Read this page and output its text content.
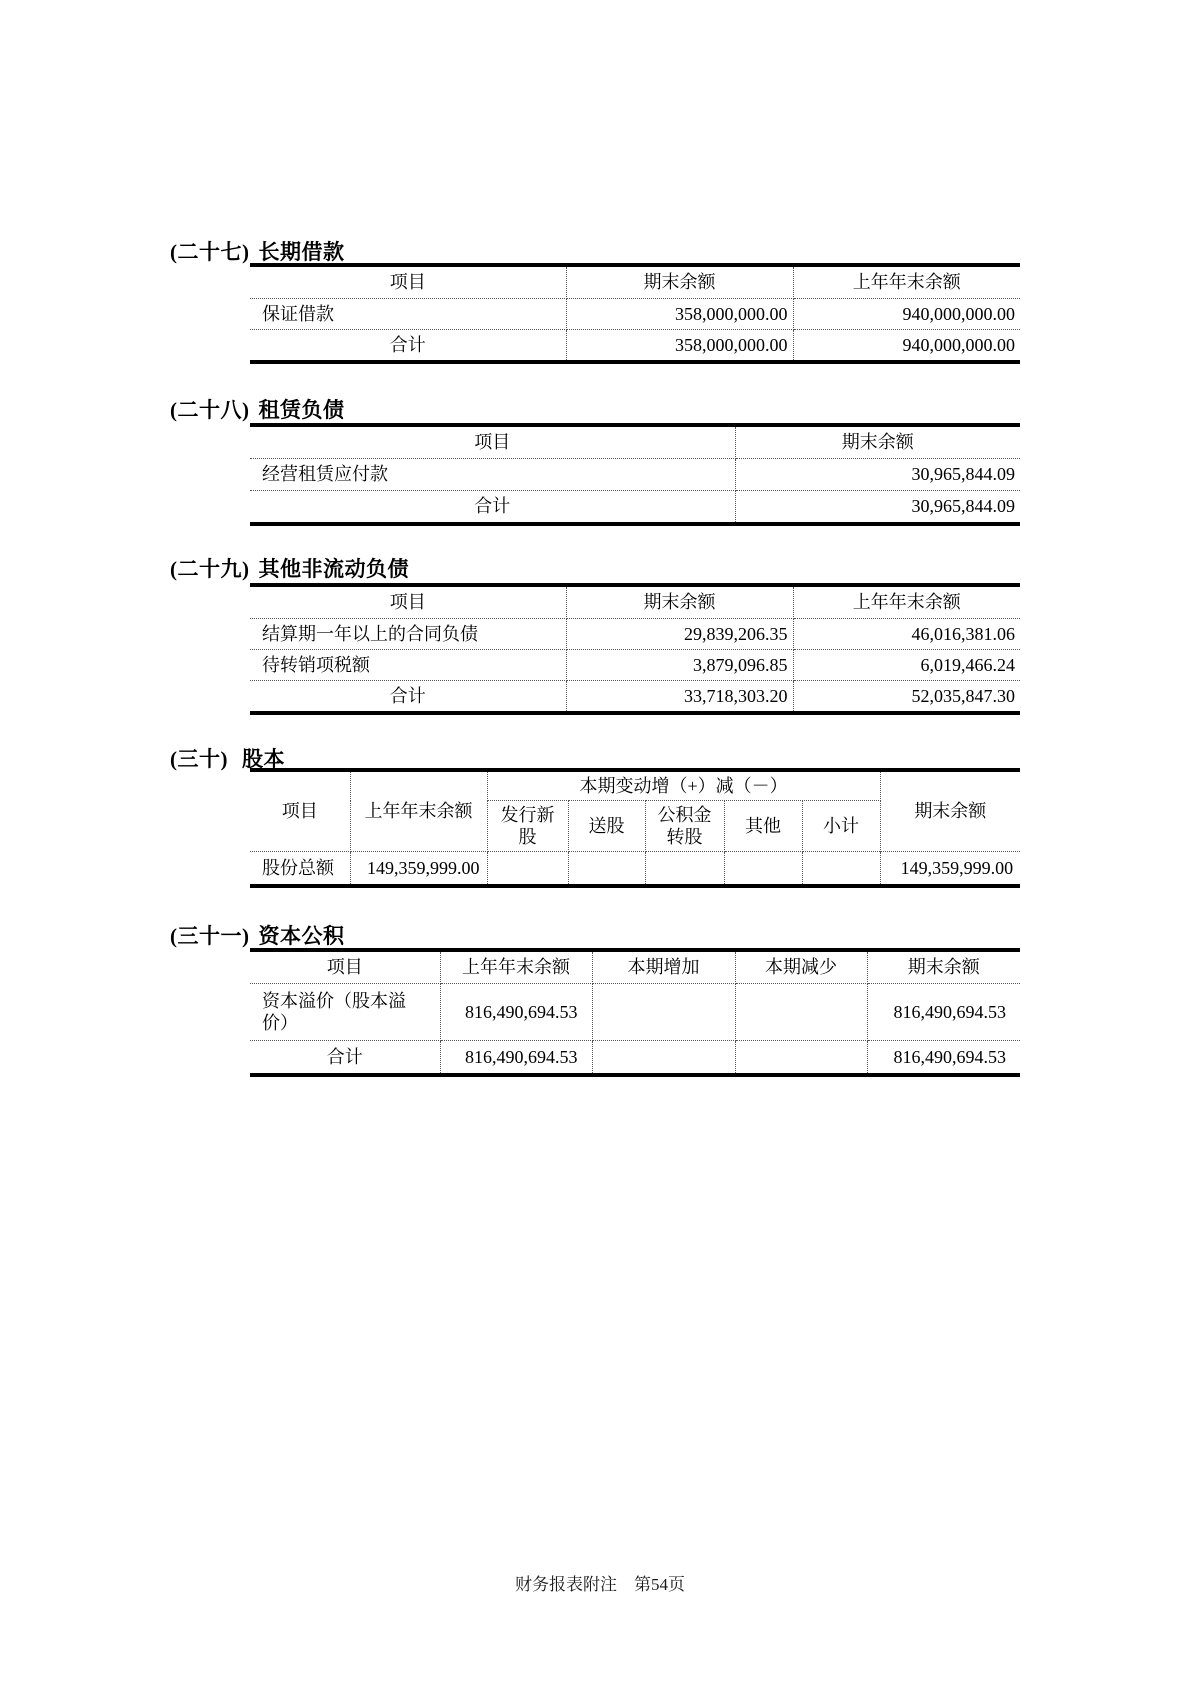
(二十七) 长期借款
项目	期末余额	上年年末余额
保证借款	358,000,000.00	940,000,000.00
合计	358,000,000.00	940,000,000.00
(二十八) 租赁负债
项目	期末余额
经营租赁应付款	30,965,844.09
合计	30,965,844.09
(二十九) 其他非流动负债
项目	期末余额	上年年末余额
结算期一年以上的合同负债	29,839,206.35	46,016,381.06
待转销项税额	3,879,096.85	6,019,466.24
合计	33,718,303.20	52,035,847.30
(三十) 股本
项目	上年年末余额	本期变动增（+）减（－）					期末余额
		发行新股	送股	公积金转股	其他	小计	
股份总额	149,359,999.00						149,359,999.00
(三十一) 资本公积
项目	上年年末余额	本期增加	本期减少	期末余额
资本溢价（股本溢价）	816,490,694.53			816,490,694.53
合计	816,490,694.53			816,490,694.53
财务报表附注　第54页
